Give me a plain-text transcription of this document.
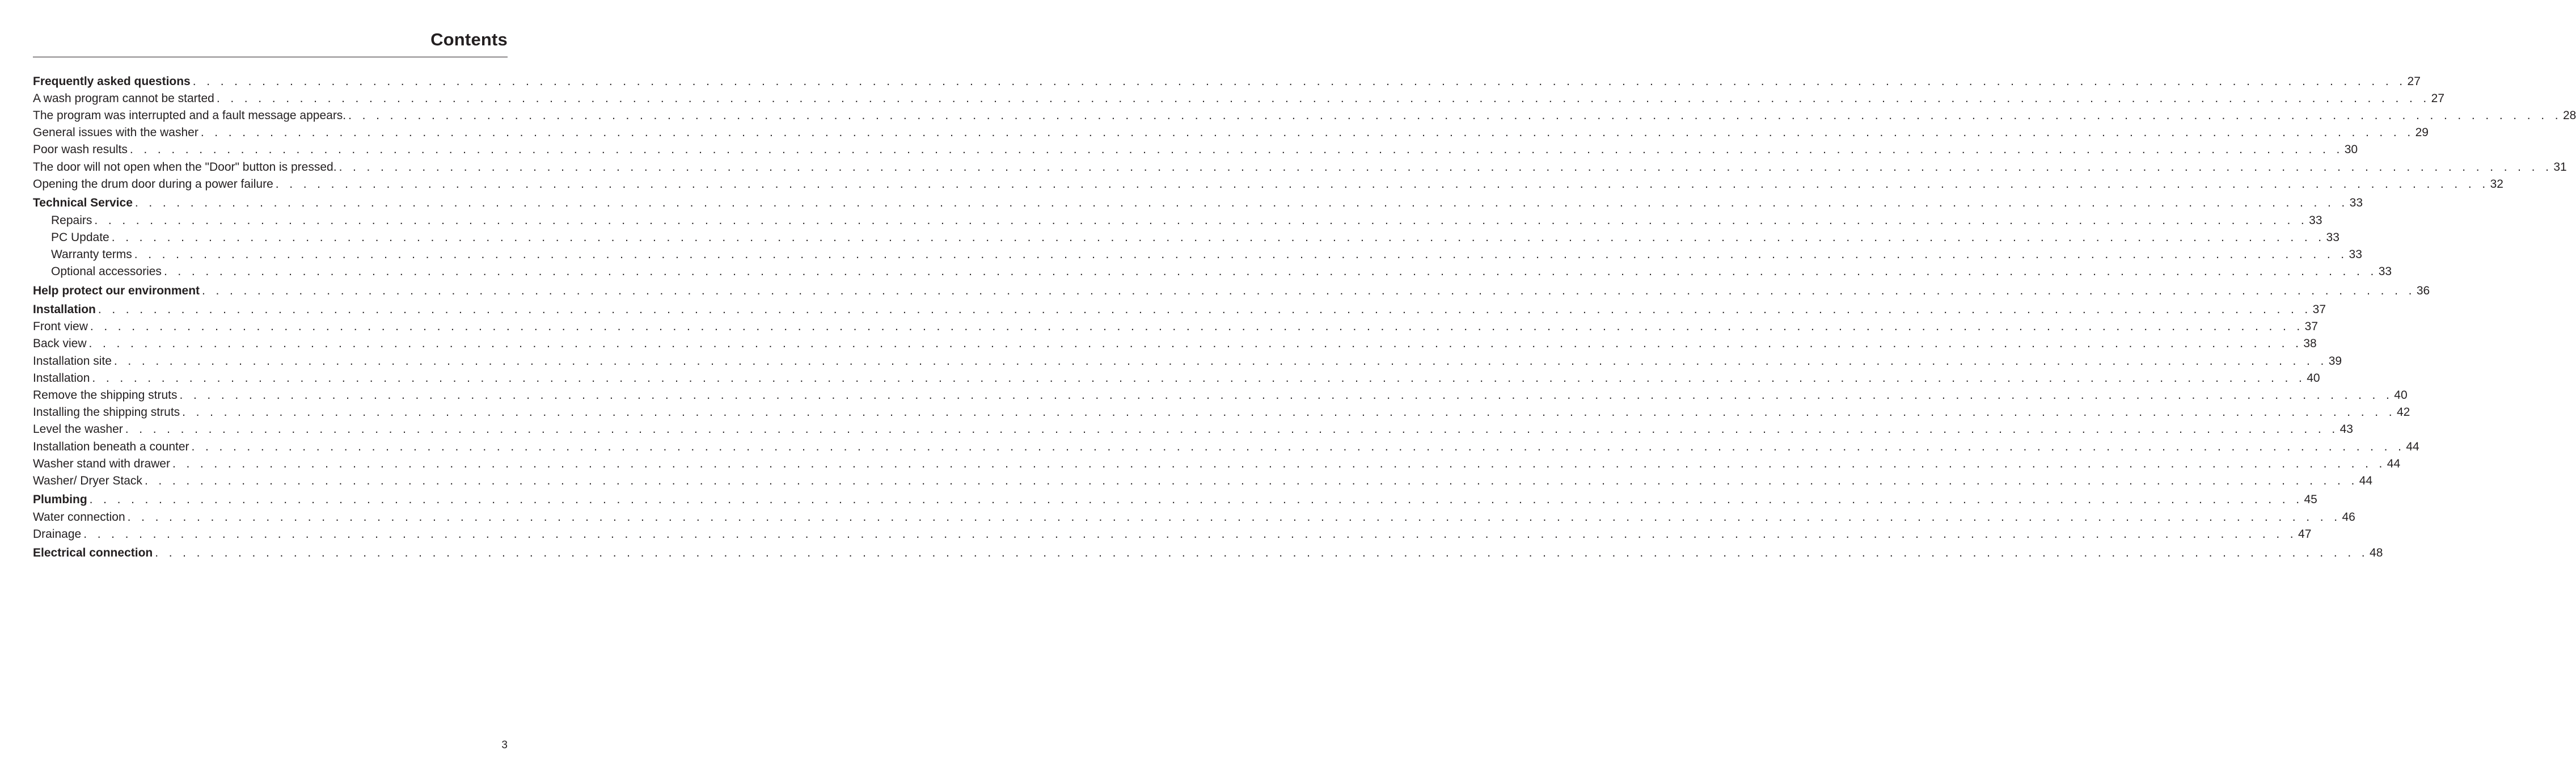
Contents
Frequently asked questions . . . . . . . . . . . . . . . . . . . . . . . . . . . . . . . . . . . . . . . . . . . . . . . . . . . . . . . . . . . . . . . . . . . . . . . . . . . . . . . . . . . . . . . . . . . . . . . . . . . . . . . . . . . . . . . . . . . . . . . . . . . . . . . . . . . . . . . . . . . . . . . . . . . . . . . . . . . . . . . . 27
A wash program cannot be started . . . . . . . . . . . . . . . . . . . . . . . . . . . . . . . . . . . . . . . . . . . . . . . . . . . . . . . . . . . . . . . . . . . . . . . . . . . . . . . . . . . . . . . . . . . . . . . . . . . . . . . . . . . . . . . . . . . . . . . . . . . . . . . . . . . . . . . . . . . . . . . . . . . . . . . . . . . . . . . . 27
The program was interrupted and a fault message appears. . . . . . . . . . . . . . . . . . . . . . . . . . . . . . . . . . . . . . . . . . . . . . . . . . . . . . . . . . . . . . . . . . . . . . . . . . . . . . . . . . . . . . . . . . . . . . . . . . . . . . . . . . . . . . . . . . . . . . . . . . . . . . . . . . . . . . . . . . . . . . . . . . . . . . . . . . . . . . . . . 28
General issues with the washer . . . . . . . . . . . . . . . . . . . . . . . . . . . . . . . . . . . . . . . . . . . . . . . . . . . . . . . . . . . . . . . . . . . . . . . . . . . . . . . . . . . . . . . . . . . . . . . . . . . . . . . . . . . . . . . . . . . . . . . . . . . . . . . . . . . . . . . . . . . . . . . . . . . . . . . . . . . . . . . . 29
Poor wash results . . . . . . . . . . . . . . . . . . . . . . . . . . . . . . . . . . . . . . . . . . . . . . . . . . . . . . . . . . . . . . . . . . . . . . . . . . . . . . . . . . . . . . . . . . . . . . . . . . . . . . . . . . . . . . . . . . . . . . . . . . . . . . . . . . . . . . . . . . . . . . . . . . . . . . . . . . . . . . . . 30
The door will not open when the "Door" button is pressed. . . . . . . . . . . . . . . . . . . . . . . . . . . . . . . . . . . . . . . . . . . . . . . . . . . . . . . . . . . . . . . . . . . . . . . . . . . . . . . . . . . . . . . . . . . . . . . . . . . . . . . . . . . . . . . . . . . . . . . . . . . . . . . . . . . . . . . . . . . . . . . . . . . . . . . . . . . . . . . . . 31
Opening the drum door during a power failure . . . . . . . . . . . . . . . . . . . . . . . . . . . . . . . . . . . . . . . . . . . . . . . . . . . . . . . . . . . . . . . . . . . . . . . . . . . . . . . . . . . . . . . . . . . . . . . . . . . . . . . . . . . . . . . . . . . . . . . . . . . . . . . . . . . . . . . . . . . . . . . . . . . . . . . . . . . . . . . . 32
Technical Service . . . . . . . . . . . . . . . . . . . . . . . . . . . . . . . . . . . . . . . . . . . . . . . . . . . . . . . . . . . . . . . . . . . . . . . . . . . . . . . . . . . . . . . . . . . . . . . . . . . . . . . . . . . . . . . . . . . . . . . . . . . . . . . . . . . . . . . . . . . . . . . . . . . . . . . . . . . . . . . . 33
Repairs . . . . . . . . . . . . . . . . . . . . . . . . . . . . . . . . . . . . . . . . . . . . . . . . . . . . . . . . . . . . . . . . . . . . . . . . . . . . . . . . . . . . . . . . . . . . . . . . . . . . . . . . . . . . . . . . . . . . . . . . . . . . . . . . . . . . . . . . . . . . . . . . . . . . . . . . . . . . . . . . 33
PC Update . . . . . . . . . . . . . . . . . . . . . . . . . . . . . . . . . . . . . . . . . . . . . . . . . . . . . . . . . . . . . . . . . . . . . . . . . . . . . . . . . . . . . . . . . . . . . . . . . . . . . . . . . . . . . . . . . . . . . . . . . . . . . . . . . . . . . . . . . . . . . . . . . . . . . . . . . . . . . . . . 33
Warranty terms . . . . . . . . . . . . . . . . . . . . . . . . . . . . . . . . . . . . . . . . . . . . . . . . . . . . . . . . . . . . . . . . . . . . . . . . . . . . . . . . . . . . . . . . . . . . . . . . . . . . . . . . . . . . . . . . . . . . . . . . . . . . . . . . . . . . . . . . . . . . . . . . . . . . . . . . . . . . . . . . 33
Optional accessories . . . . . . . . . . . . . . . . . . . . . . . . . . . . . . . . . . . . . . . . . . . . . . . . . . . . . . . . . . . . . . . . . . . . . . . . . . . . . . . . . . . . . . . . . . . . . . . . . . . . . . . . . . . . . . . . . . . . . . . . . . . . . . . . . . . . . . . . . . . . . . . . . . . . . . . . . . . . . . . . 33
Help protect our environment . . . . . . . . . . . . . . . . . . . . . . . . . . . . . . . . . . . . . . . . . . . . . . . . . . . . . . . . . . . . . . . . . . . . . . . . . . . . . . . . . . . . . . . . . . . . . . . . . . . . . . . . . . . . . . . . . . . . . . . . . . . . . . . . . . . . . . . . . . . . . . . . . . . . . . . . . . . . . . . . 36
Installation . . . . . . . . . . . . . . . . . . . . . . . . . . . . . . . . . . . . . . . . . . . . . . . . . . . . . . . . . . . . . . . . . . . . . . . . . . . . . . . . . . . . . . . . . . . . . . . . . . . . . . . . . . . . . . . . . . . . . . . . . . . . . . . . . . . . . . . . . . . . . . . . . . . . . . . . . . . . . . . . 37
Front view . . . . . . . . . . . . . . . . . . . . . . . . . . . . . . . . . . . . . . . . . . . . . . . . . . . . . . . . . . . . . . . . . . . . . . . . . . . . . . . . . . . . . . . . . . . . . . . . . . . . . . . . . . . . . . . . . . . . . . . . . . . . . . . . . . . . . . . . . . . . . . . . . . . . . . . . . . . . . . . . 37
Back view . . . . . . . . . . . . . . . . . . . . . . . . . . . . . . . . . . . . . . . . . . . . . . . . . . . . . . . . . . . . . . . . . . . . . . . . . . . . . . . . . . . . . . . . . . . . . . . . . . . . . . . . . . . . . . . . . . . . . . . . . . . . . . . . . . . . . . . . . . . . . . . . . . . . . . . . . . . . . . . . 38
Installation site . . . . . . . . . . . . . . . . . . . . . . . . . . . . . . . . . . . . . . . . . . . . . . . . . . . . . . . . . . . . . . . . . . . . . . . . . . . . . . . . . . . . . . . . . . . . . . . . . . . . . . . . . . . . . . . . . . . . . . . . . . . . . . . . . . . . . . . . . . . . . . . . . . . . . . . . . . . . . . . . 39
Installation . . . . . . . . . . . . . . . . . . . . . . . . . . . . . . . . . . . . . . . . . . . . . . . . . . . . . . . . . . . . . . . . . . . . . . . . . . . . . . . . . . . . . . . . . . . . . . . . . . . . . . . . . . . . . . . . . . . . . . . . . . . . . . . . . . . . . . . . . . . . . . . . . . . . . . . . . . . . . . . . 40
Remove the shipping struts . . . . . . . . . . . . . . . . . . . . . . . . . . . . . . . . . . . . . . . . . . . . . . . . . . . . . . . . . . . . . . . . . . . . . . . . . . . . . . . . . . . . . . . . . . . . . . . . . . . . . . . . . . . . . . . . . . . . . . . . . . . . . . . . . . . . . . . . . . . . . . . . . . . . . . . . . . . . . . . . 40
Installing the shipping struts . . . . . . . . . . . . . . . . . . . . . . . . . . . . . . . . . . . . . . . . . . . . . . . . . . . . . . . . . . . . . . . . . . . . . . . . . . . . . . . . . . . . . . . . . . . . . . . . . . . . . . . . . . . . . . . . . . . . . . . . . . . . . . . . . . . . . . . . . . . . . . . . . . . . . . . . . . . . . . . . 42
Level the washer . . . . . . . . . . . . . . . . . . . . . . . . . . . . . . . . . . . . . . . . . . . . . . . . . . . . . . . . . . . . . . . . . . . . . . . . . . . . . . . . . . . . . . . . . . . . . . . . . . . . . . . . . . . . . . . . . . . . . . . . . . . . . . . . . . . . . . . . . . . . . . . . . . . . . . . . . . . . . . . . 43
Installation beneath a counter . . . . . . . . . . . . . . . . . . . . . . . . . . . . . . . . . . . . . . . . . . . . . . . . . . . . . . . . . . . . . . . . . . . . . . . . . . . . . . . . . . . . . . . . . . . . . . . . . . . . . . . . . . . . . . . . . . . . . . . . . . . . . . . . . . . . . . . . . . . . . . . . . . . . . . . . . . . . . . . . 44
Washer stand with drawer . . . . . . . . . . . . . . . . . . . . . . . . . . . . . . . . . . . . . . . . . . . . . . . . . . . . . . . . . . . . . . . . . . . . . . . . . . . . . . . . . . . . . . . . . . . . . . . . . . . . . . . . . . . . . . . . . . . . . . . . . . . . . . . . . . . . . . . . . . . . . . . . . . . . . . . . . . . . . . . . 44
Washer/ Dryer Stack . . . . . . . . . . . . . . . . . . . . . . . . . . . . . . . . . . . . . . . . . . . . . . . . . . . . . . . . . . . . . . . . . . . . . . . . . . . . . . . . . . . . . . . . . . . . . . . . . . . . . . . . . . . . . . . . . . . . . . . . . . . . . . . . . . . . . . . . . . . . . . . . . . . . . . . . . . . . . . . . 44
Plumbing . . . . . . . . . . . . . . . . . . . . . . . . . . . . . . . . . . . . . . . . . . . . . . . . . . . . . . . . . . . . . . . . . . . . . . . . . . . . . . . . . . . . . . . . . . . . . . . . . . . . . . . . . . . . . . . . . . . . . . . . . . . . . . . . . . . . . . . . . . . . . . . . . . . . . . . . . . . . . . . . 45
Water connection . . . . . . . . . . . . . . . . . . . . . . . . . . . . . . . . . . . . . . . . . . . . . . . . . . . . . . . . . . . . . . . . . . . . . . . . . . . . . . . . . . . . . . . . . . . . . . . . . . . . . . . . . . . . . . . . . . . . . . . . . . . . . . . . . . . . . . . . . . . . . . . . . . . . . . . . . . . . . . . . 46
Drainage . . . . . . . . . . . . . . . . . . . . . . . . . . . . . . . . . . . . . . . . . . . . . . . . . . . . . . . . . . . . . . . . . . . . . . . . . . . . . . . . . . . . . . . . . . . . . . . . . . . . . . . . . . . . . . . . . . . . . . . . . . . . . . . . . . . . . . . . . . . . . . . . . . . . . . . . . . . . . . . . 47
Electrical connection . . . . . . . . . . . . . . . . . . . . . . . . . . . . . . . . . . . . . . . . . . . . . . . . . . . . . . . . . . . . . . . . . . . . . . . . . . . . . . . . . . . . . . . . . . . . . . . . . . . . . . . . . . . . . . . . . . . . . . . . . . . . . . . . . . . . . . . . . . . . . . . . . . . . . . . . . . . . . . . . 48
3
